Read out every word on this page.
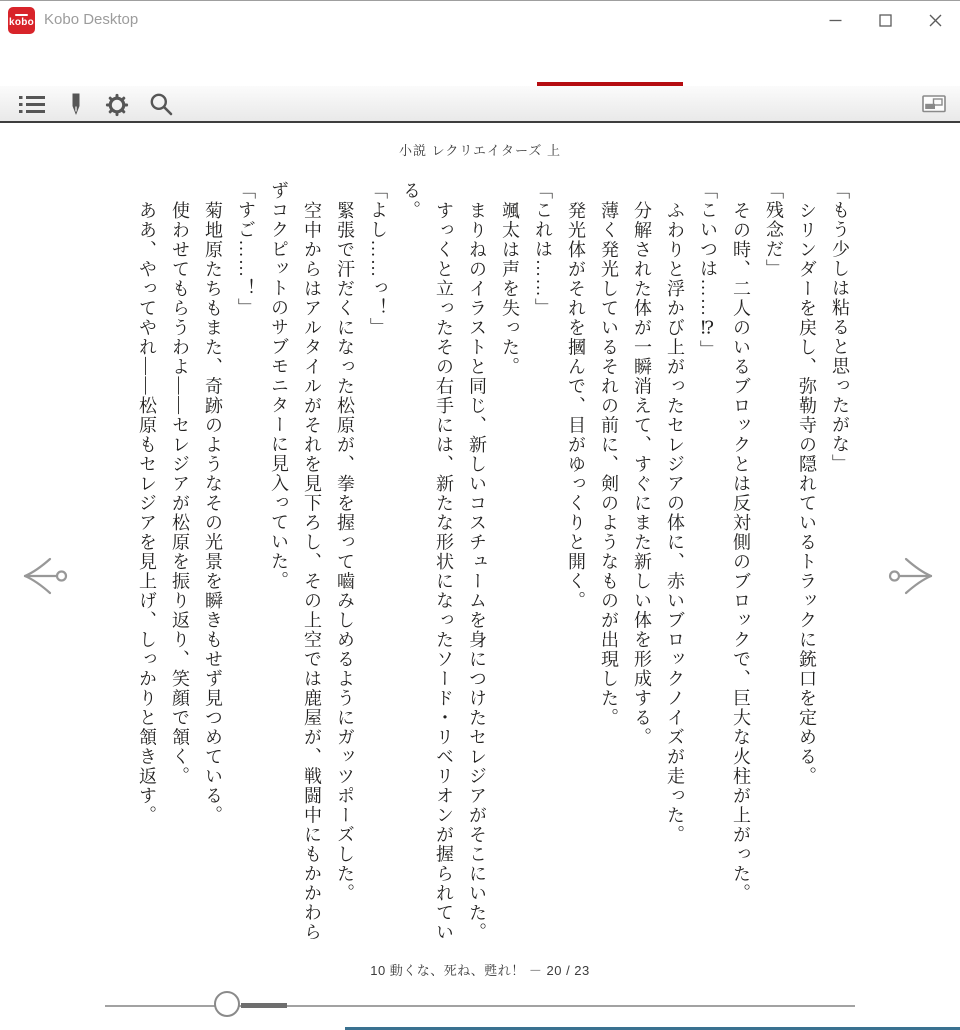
kobo Kobo Desktop
小説 レクリエイターズ 上

「もう少しは粘ると思ったがな」

シリンダーを戻し、弥勒寺の隠れているトラックに銃口を定める。

「残念だ」

その時、二人のいるブロックとは反対側のブロックで、巨大な火柱が上がった。

「こいつは……⁉」

ふわりと浮かび上がったセレジアの体に、赤いブロックノイズが走った。

分解された体が一瞬消えて、すぐにまた新しい体を形成する。

薄く発光しているそれの前に、剣のようなものが出現した。

発光体がそれを摑んで、目がゆっくりと開く。

「これは……」

颯太は声を失った。

まりねのイラストと同じ、新しいコスチュームを身につけたセレジアがそこにいた。

すっくと立ったその右手には、新たな形状になったソード・リベリオンが握られている。

「よし……っ！」

緊張で汗だくになった松原が、拳を握って嚙みしめるようにガッツポーズした。

空中からはアルタイルがそれを見下ろし、その上空では鹿屋が、戦闘中にもかかわらずコクピットのサブモニターに見入っていた。

「すご……！」

菊地原たちもまた、奇跡のようなその光景を瞬きもせず見つめている。

使わせてもらうわよ——セレジアが松原を振り返り、笑顔で頷く。

ああ、やってやれ——松原もセレジアを見上げ、しっかりと頷き返す。

10 動くな、死ね、甦れ！ － 20 / 23
